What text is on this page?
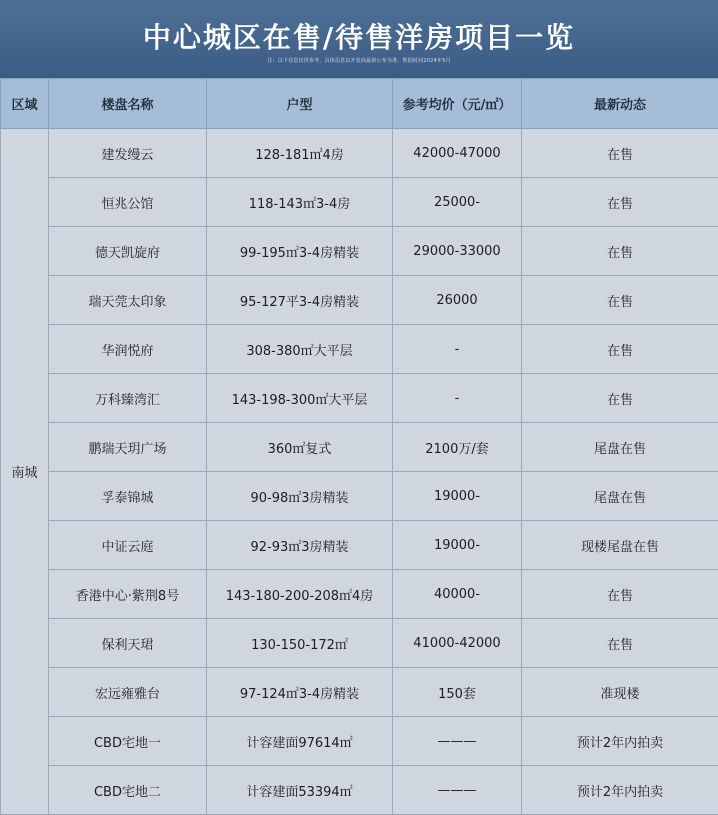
中心城区在售/待售洋房项目一览
注：以下信息仅供参考，具体信息以开发商最新公布为准，数据时间2024年5月
区域	楼盘名称	户型	参考均价（元/㎡）	最新动态
南城	建发缦云	128-181㎡4房	42000-47000	在售
	恒兆公馆	118-143㎡3-4房	25000-	在售
	德天凯旋府	99-195㎡3-4房精装	29000-33000	在售
	瑞天莞太印象	95-127平3-4房精装	26000	在售
	华润悦府	308-380㎡大平层	-	在售
	万科臻湾汇	143-198-300㎡大平层	-	在售
	鹏瑞天玥广场	360㎡复式	2100万/套	尾盘在售
	孚泰锦城	90-98㎡3房精装	19000-	尾盘在售
	中证云庭	92-93㎡3房精装	19000-	现楼尾盘在售
	香港中心·紫荆8号	143-180-200-208㎡4房	40000-	在售
	保利天珺	130-150-172㎡	41000-42000	在售
	宏远雍雅台	97-124㎡3-4房精装	150套	准现楼
	CBD宅地一	计容建面97614㎡	———	预计2年内拍卖
	CBD宅地二	计容建面53394㎡	———	预计2年内拍卖
